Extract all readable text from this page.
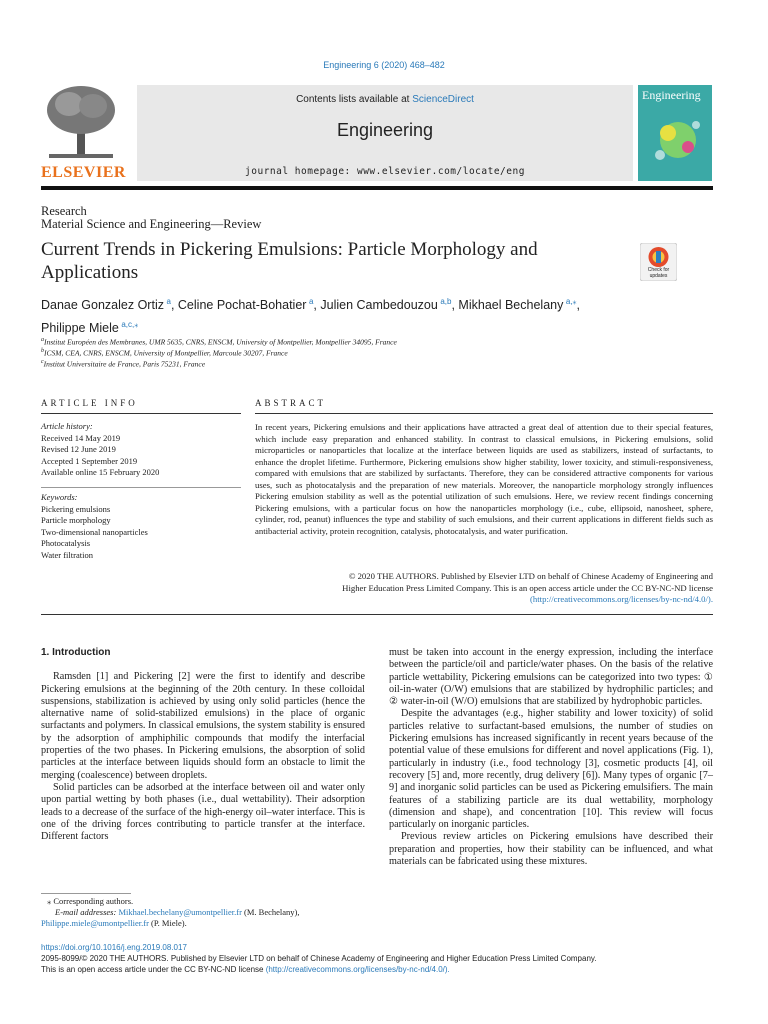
Engineering 6 (2020) 468–482
ELSEVIER
Contents lists available at ScienceDirect
Engineering
journal homepage: www.elsevier.com/locate/eng
Engineering
Research
Material Science and Engineering—Review
Current Trends in Pickering Emulsions: Particle Morphology and
Applications	Check for updates
Danae Gonzalez Ortiz  $^a$, Celine Pochat-Bohatier  $^a$, Julien Cambedouzou  $^{a,b}$, Mikhael Bechelany  $^{a,⁎}$,
Philippe Miele  $^{a,c,⁎}$
$^a$Institut Européen des Membranes, UMR 5635, CNRS, ENSCM, University of Montpellier, Montpellier 34095, France
$^b$ICSM, CEA, CNRS, ENSCM, University of Montpellier, Marcoule 30207, France
$^c$Institut Universitaire de France, Paris 75231, France
ARTICLE INFO
Article history:
Received 14 May 2019
Revised 12 June 2019
Accepted 1 September 2019
Available online 15 February 2020
Keywords:
Pickering emulsions
Particle morphology
Two-dimensional nanoparticles
Photocatalysis
Water filtration
ABSTRACT
In recent years, Pickering emulsions and their applications have attracted a great deal of attention due to their special features, which include easy preparation and enhanced stability. In contrast to classical emulsions, in Pickering emulsions, solid microparticles or nanoparticles that localize at the interface between liquids are used as stabilizers, instead of surfactants, to enhance the droplet lifetime. Furthermore, Pickering emulsions show higher stability, lower toxicity, and stimuli-responsiveness, compared with emulsions that are stabilized by surfactants. Therefore, they can be considered attractive components for various uses, such as photocatalysis and the preparation of new materials. Moreover, the nanoparticle morphology strongly influences Pickering emulsion stability as well as the potential utilization of such emulsions. Here, we review recent findings concerning Pickering emulsions, with a particular focus on how the nanoparticles morphology (i.e., cube, ellipsoid, nanosheet, sphere, cylinder, rod, peanut) influences the type and stability of such emulsions, and their current applications in different fields such as antibacterial activity, protein recognition, catalysis, photocatalysis, and water purification.
© 2020 THE AUTHORS. Published by Elsevier LTD on behalf of Chinese Academy of Engineering and
Higher Education Press Limited Company. This is an open access article under the CC BY-NC-ND license
(http://creativecommons.org/licenses/by-nc-nd/4.0/).
1. Introduction

Ramsden [1] and Pickering [2] were the first to identify and describe Pickering emulsions at the beginning of the 20th century. In these colloidal suspensions, stabilization is achieved by using only solid particles (hence the alternative name of solid-stabilized emulsions) in the place of organic surfactants and polymers. In classical emulsions, the system stability is ensured by the adsorption of amphiphilic compounds that modify the interfacial properties of the two phases. In Pickering emulsions, the absorption of solid particles at the interface between liquids should form an obstacle to limit the merging (coalescence) between droplets.

Solid particles can be adsorbed at the interface between oil and water only upon partial wetting by both phases (i.e., dual wettability). Their adsorption leads to a decrease of the surface of the high-energy oil–water interface. This is one of the driving forces contributing to particle transfer at the interface. Different factors

⁎ Corresponding authors.
E-mail addresses: Mikhael.bechelany@umontpellier.fr (M. Bechelany),
Philippe.miele@umontpellier.fr (P. Miele).

must be taken into account in the energy expression, including the interface between the particle/oil and particle/water phases. On the basis of the relative particle wettability, Pickering emulsions can be categorized into two types: ① oil-in-water (O/W) emulsions that are stabilized by hydrophilic particles; and ② water-in-oil (W/O) emulsions that are stabilized by hydrophobic particles.

Despite the advantages (e.g., higher stability and lower toxicity) of solid particles relative to surfactant-based emulsions, the number of studies on Pickering emulsions has increased significantly in recent years because of the potential value of these emulsions for different and novel applications (Fig. 1), particularly in industry (i.e., food technology [3], cosmetic products [4], oil recovery [5] and, more recently, drug delivery [6]). Many types of organic [7–9] and inorganic solid particles can be used as Pickering emulsifiers. The main features of a stabilizing particle are its dual wettability, morphology (dimension and shape), and concentration [10]. This review will focus particularly on inorganic particles.

Previous review articles on Pickering emulsions have described their preparation and properties, how their stability can be influenced, and what materials can be fabricated using these mixtures.

https://doi.org/10.1016/j.eng.2019.08.017
2095-8099/© 2020 THE AUTHORS. Published by Elsevier LTD on behalf of Chinese Academy of Engineering and Higher Education Press Limited Company.
This is an open access article under the CC BY-NC-ND license (http://creativecommons.org/licenses/by-nc-nd/4.0/).
